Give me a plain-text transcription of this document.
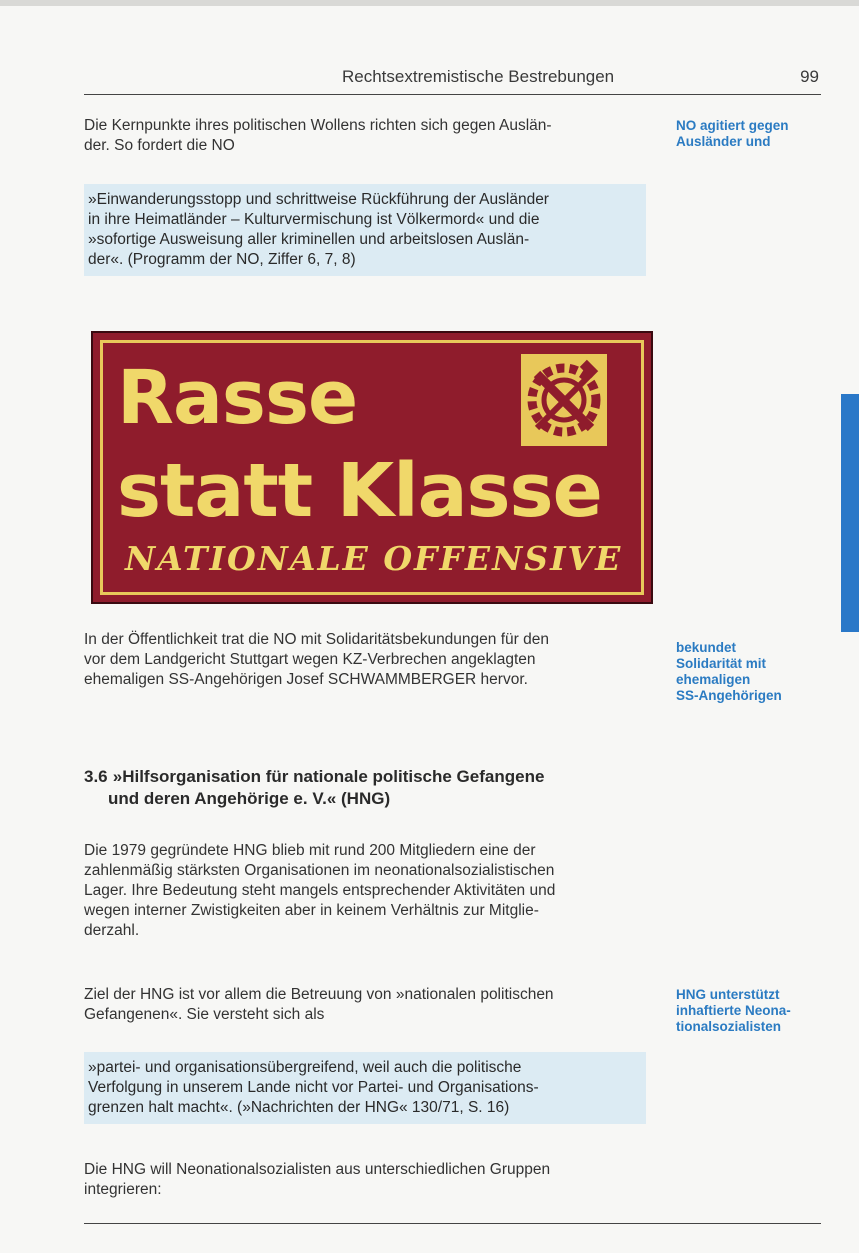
Rechtsextremistische Bestrebungen	99

Die Kernpunkte ihres politischen Wollens richten sich gegen Auslän-
der. So fordert die NO

NO agitiert gegen
Ausländer und

»Einwanderungsstopp und schrittweise Rückführung der Ausländer
in ihre Heimatländer – Kulturvermischung ist Völkermord« und die
»sofortige Ausweisung aller kriminellen und arbeitslosen Auslän-
der«. (Programm der NO, Ziffer 6, 7, 8)
Rasse
statt Klasse
NATIONALE OFFENSIVE

In der Öffentlichkeit trat die NO mit Solidaritätsbekundungen für den
vor dem Landgericht Stuttgart wegen KZ-Verbrechen angeklagten
ehemaligen SS-Angehörigen Josef SCHWAMMBERGER hervor.

bekundet
Solidarität mit
ehemaligen
SS-Angehörigen

3.6 »Hilfsorganisation für nationale politische Gefangene
und deren Angehörige e. V.« (HNG)

Die 1979 gegründete HNG blieb mit rund 200 Mitgliedern eine der
zahlenmäßig stärksten Organisationen im neonationalsozialistischen
Lager. Ihre Bedeutung steht mangels entsprechender Aktivitäten und
wegen interner Zwistigkeiten aber in keinem Verhältnis zur Mitglie-
derzahl.

Ziel der HNG ist vor allem die Betreuung von »nationalen politischen
Gefangenen«. Sie versteht sich als

HNG unterstützt
inhaftierte Neona-
tionalsozialisten

»partei- und organisationsübergreifend, weil auch die politische
Verfolgung in unserem Lande nicht vor Partei- und Organisations-
grenzen halt macht«. (»Nachrichten der HNG« 130/71, S. 16)

Die HNG will Neonationalsozialisten aus unterschiedlichen Gruppen
integrieren:
